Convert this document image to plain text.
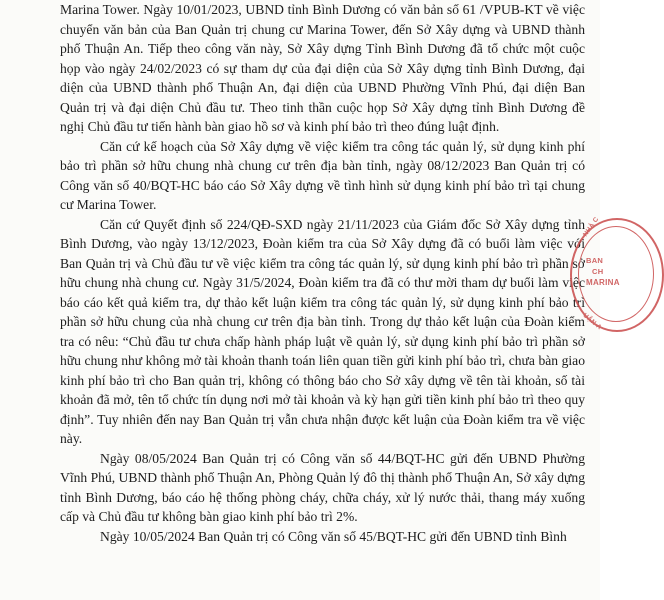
Marina Tower. Ngày 10/01/2023, UBND tỉnh Bình Dương có văn bản số 61 /VPUB-KT về việc chuyển văn bản của Ban Quản trị chung cư Marina Tower, đến Sở Xây dựng và UBND thành phố Thuận An. Tiếp theo công văn này, Sở Xây dựng Tỉnh Bình Dương đã tổ chức một cuộc họp vào ngày 24/02/2023 có sự tham dự của đại diện của Sở Xây dựng tỉnh Bình Dương, đại diện của UBND thành phố Thuận An, đại diện của UBND Phường Vĩnh Phú, đại diện Ban Quản trị và đại diện Chủ đầu tư. Theo tinh thần cuộc họp Sở Xây dựng tỉnh Bình Dương đề nghị Chủ đầu tư tiến hành bàn giao hồ sơ và kinh phí bảo trì theo đúng luật định.

Căn cứ kế hoạch của Sở Xây dựng về việc kiểm tra công tác quản lý, sử dụng kinh phí bảo trì phần sở hữu chung nhà chung cư trên địa bàn tỉnh, ngày 08/12/2023 Ban Quản trị có Công văn số 40/BQT-HC báo cáo Sở Xây dựng về tình hình sử dụng kinh phí bảo trì tại chung cư Marina Tower.

Căn cứ Quyết định số 224/QĐ-SXD ngày 21/11/2023 của Giám đốc Sở Xây dựng tỉnh Bình Dương, vào ngày 13/12/2023, Đoàn kiểm tra của Sở Xây dựng đã có buổi làm việc với Ban Quản trị và Chủ đầu tư về việc kiểm tra công tác quản lý, sử dụng kinh phí bảo trì phần sở hữu chung nhà chung cư. Ngày 31/5/2024, Đoàn kiểm tra đã có thư mời tham dự buổi làm việc báo cáo kết quả kiểm tra, dự thảo kết luận kiểm tra công tác quản lý, sử dụng kinh phí bảo trì phần sở hữu chung của nhà chung cư trên địa bàn tỉnh. Trong dự thảo kết luận của Đoàn kiểm tra có nêu: “Chủ đầu tư chưa chấp hành pháp luật về quản lý, sử dụng kinh phí bảo trì phần sở hữu chung như không mở tài khoản thanh toán liên quan tiền gửi kinh phí bảo trì, chưa bàn giao kinh phí bảo trì cho Ban quản trị, không có thông báo cho Sở xây dựng về tên tài khoản, số tài khoản đã mở, tên tổ chức tín dụng nơi mở tài khoản và kỳ hạn gửi tiền kinh phí bảo trì theo quy định”. Tuy nhiên đến nay Ban Quản trị vẫn chưa nhận được kết luận của Đoàn kiểm tra về việc này.

Ngày 08/05/2024 Ban Quản trị có Công văn số 44/BQT-HC gửi đến UBND Phường Vĩnh Phú, UBND thành phố Thuận An, Phòng Quản lý đô thị thành phố Thuận An, Sở xây dựng tỉnh Bình Dương, báo cáo hệ thống phòng cháy, chữa cháy, xử lý nước thải, thang máy xuống cấp và Chủ đầu tư không bàn giao kinh phí bảo trì 2%.

Ngày 10/05/2024 Ban Quản trị có Công văn số 45/BQT-HC gửi đến UBND tỉnh Bình

NHÀ C
BAN
CH
MARINA
UẬN A
